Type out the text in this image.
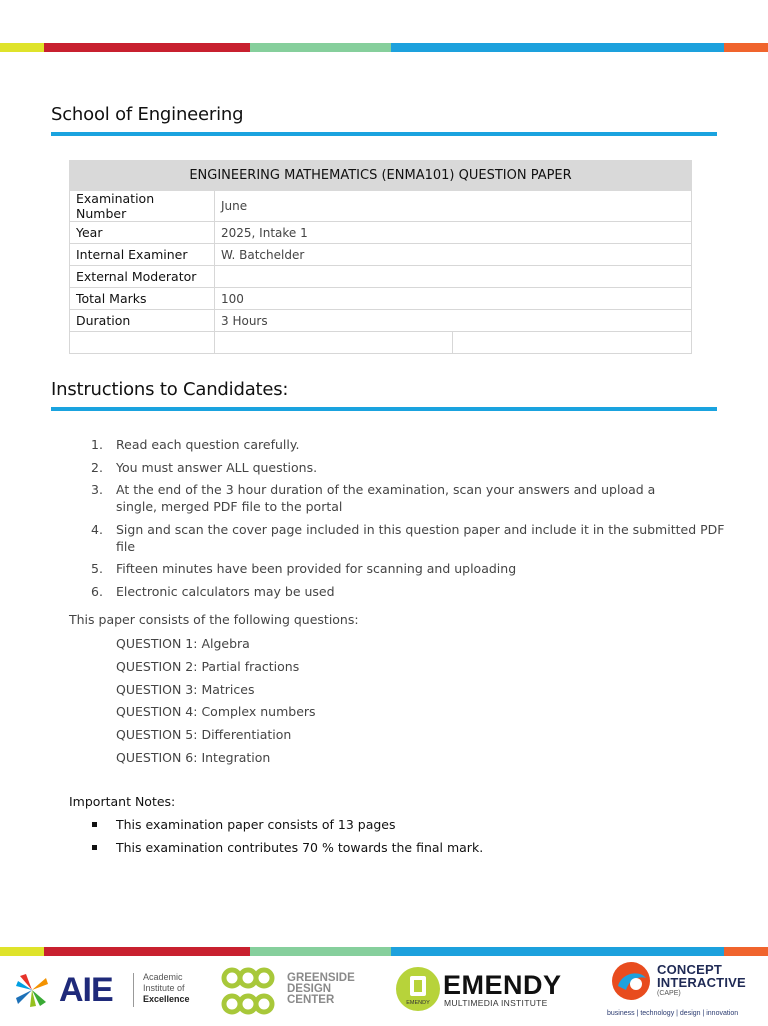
School of Engineering
ENGINEERING MATHEMATICS (ENMA101) QUESTION PAPER		
Examination Number	June	
Year	2025, Intake 1	
Internal Examiner	W. Batchelder	
External Moderator		
Total Marks	100	
Duration	3 Hours	

Instructions to Candidates:
1. Read each question carefully.
2. You must answer ALL questions.
3. At the end of the 3 hour duration of the examination, scan your answers and upload a single, merged PDF file to the portal
4. Sign and scan the cover page included in this question paper and include it in the submitted PDF file
5. Fifteen minutes have been provided for scanning and uploading
6. Electronic calculators may be used
This paper consists of the following questions:
QUESTION 1: Algebra
QUESTION 2: Partial fractions
QUESTION 3: Matrices
QUESTION 4: Complex numbers
QUESTION 5: Differentiation
QUESTION 6: Integration
Important Notes:
This examination paper consists of 13 pages
This examination contributes 70 % towards the final mark.
AIE	Academic
Institute of
Excellence
GREENSIDE
DESIGN
CENTER	EMENDY
EMENDY
MULTIMEDIA INSTITUTE
CONCEPT
INTERACTIVE
(CAPE)
business | technology | design | innovation
